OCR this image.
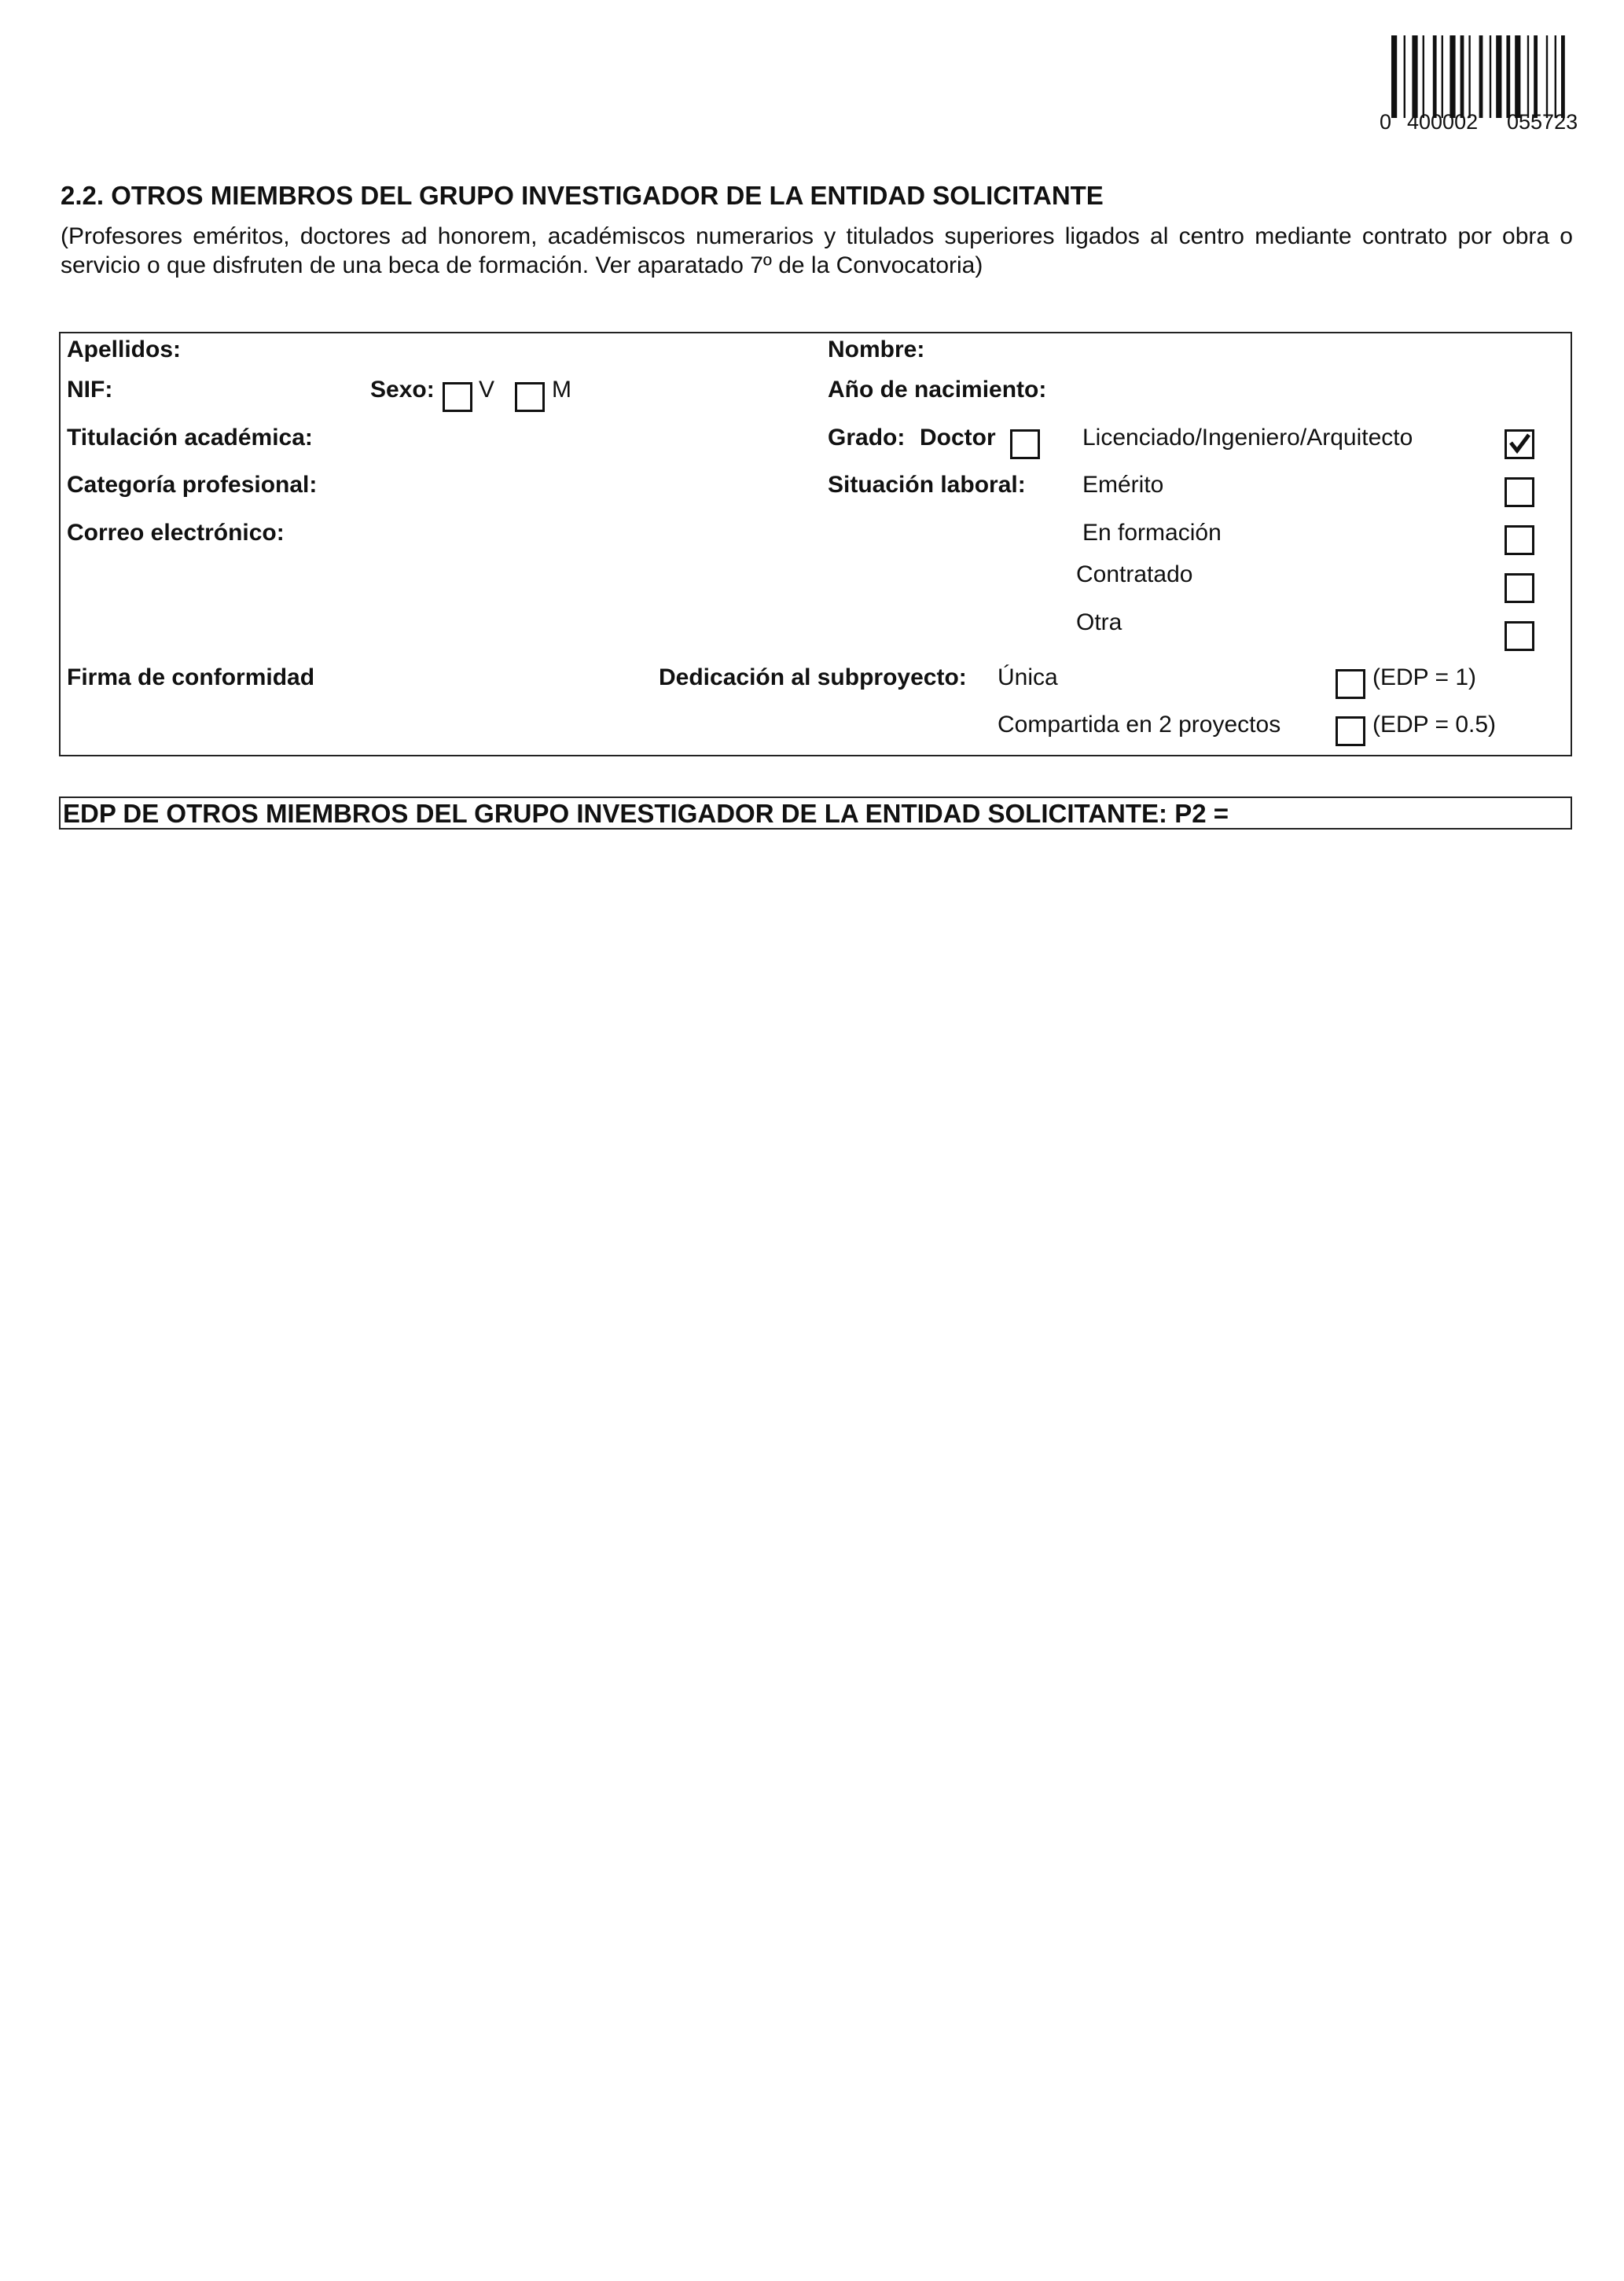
0 400002 055723
2.2. OTROS MIEMBROS DEL GRUPO INVESTIGADOR DE LA ENTIDAD SOLICITANTE
(Profesores eméritos, doctores ad honorem, académiscos numerarios y titulados superiores ligados al centro mediante contrato por obra o servicio o que disfruten de una beca de formación. Ver aparatado 7º de la Convocatoria)
Apellidos:	Nombre:
NIF:	Sexo: V M	Año de nacimiento:
Titulación académica:	Grado: Doctor	Licenciado/Ingeniero/Arquitecto
Categoría profesional:	Situación laboral: Emérito
Correo electrónico:	En formación
Contratado
Otra
Firma de conformidad	Dedicación al subproyecto: Única	(EDP = 1)
Compartida en 2 proyectos	(EDP = 0.5)
EDP DE OTROS MIEMBROS DEL GRUPO INVESTIGADOR DE LA ENTIDAD SOLICITANTE: P2 =
